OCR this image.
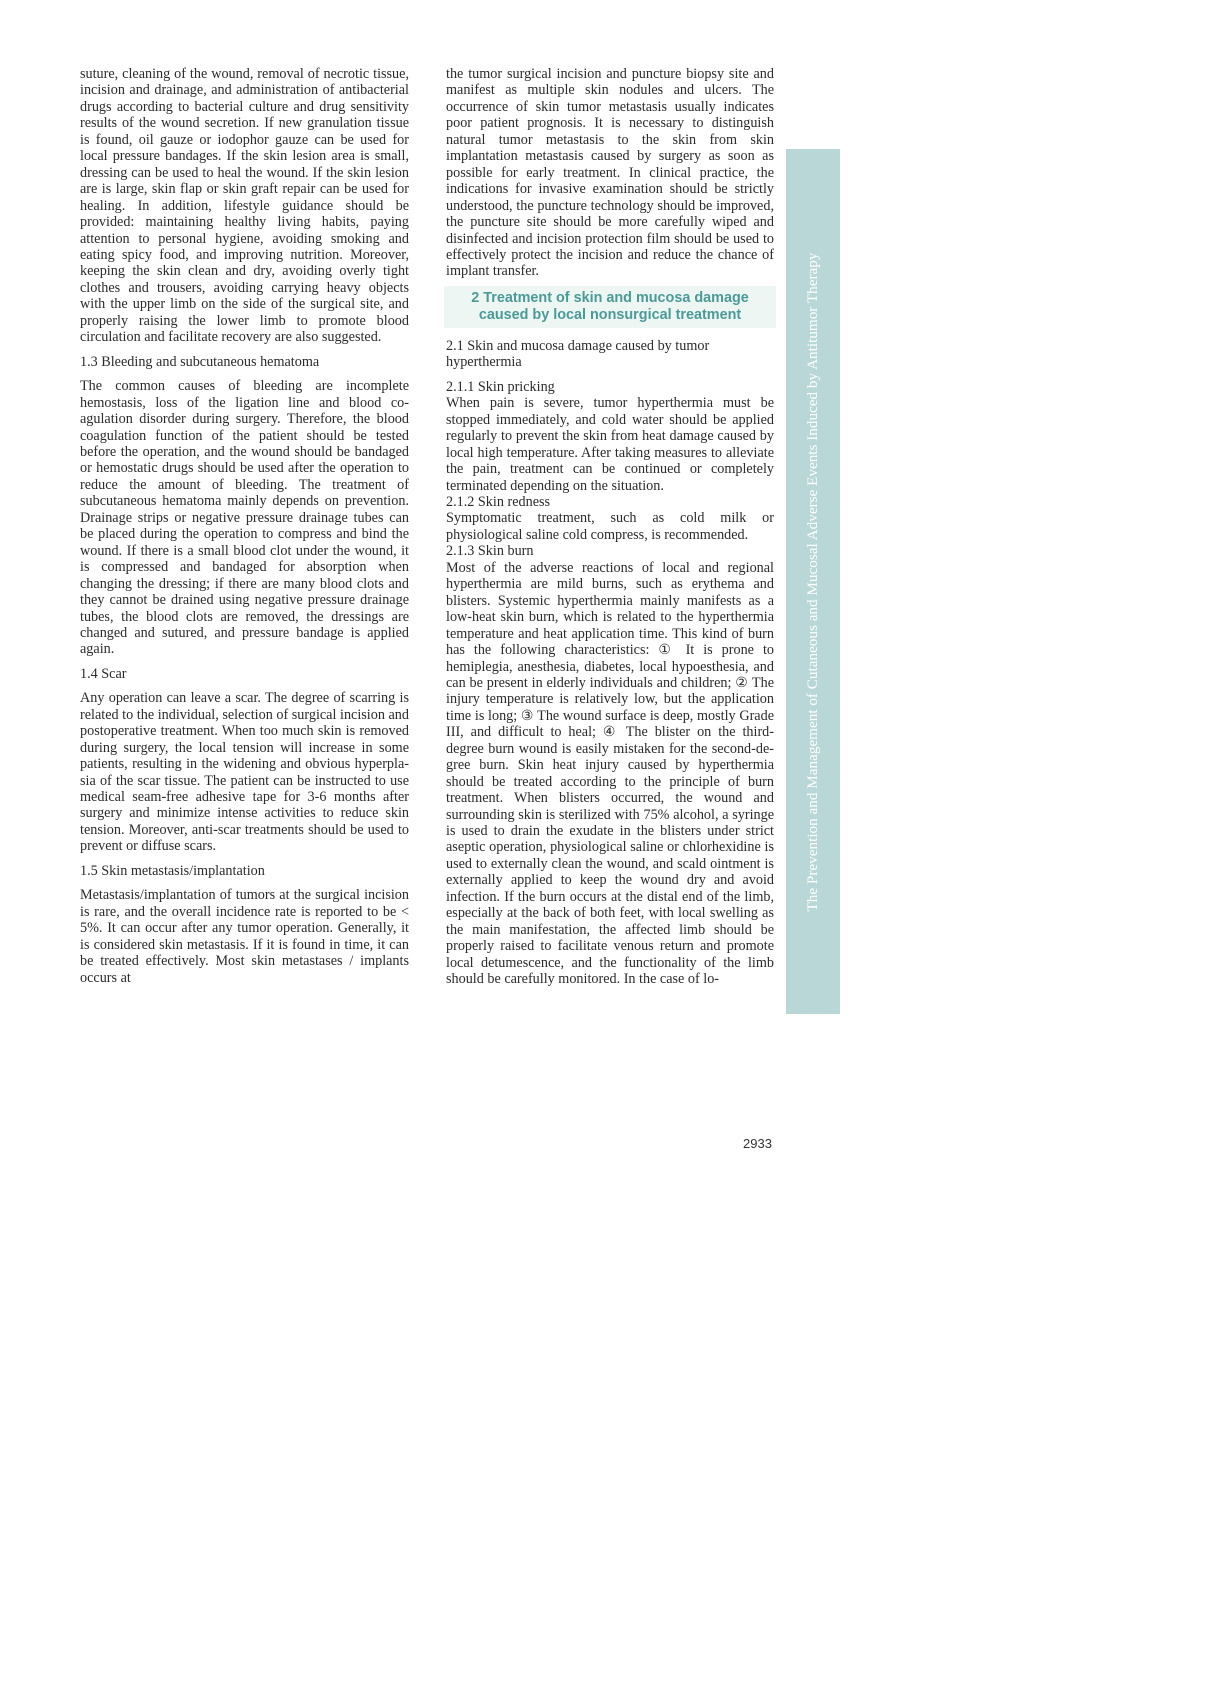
suture, cleaning of the wound, removal of necrotic tissue, incision and drainage, and administration of antibacterial drugs according to bacterial culture and drug sensitivity results of the wound secretion. If new granulation tissue is found, oil gauze or iodophor gauze can be used for local pressure bandages. If the skin lesion area is small, dressing can be used to heal the wound. If the skin lesion are is large, skin flap or skin graft repair can be used for healing. In addition, lifestyle guidance should be provided: maintaining healthy living habits, paying attention to personal hygiene, avoiding smoking and eating spicy food, and improving nutrition. Moreover, keeping the skin clean and dry, avoiding overly tight clothes and trousers, avoiding carrying heavy objects with the upper limb on the side of the surgical site, and properly raising the lower limb to promote blood circulation and facilitate recovery are also suggested.

1.3 Bleeding and subcutaneous hematoma

The common causes of bleeding are incomplete hemostasis, loss of the ligation line and blood coagulation disorder during surgery. Therefore, the blood coagulation function of the patient should be tested before the operation, and the wound should be bandaged or hemostatic drugs should be used after the operation to reduce the amount of bleeding. The treatment of subcutaneous hematoma mainly depends on prevention. Drainage strips or negative pressure drainage tubes can be placed during the operation to compress and bind the wound. If there is a small blood clot under the wound, it is compressed and bandaged for absorption when changing the dressing; if there are many blood clots and they cannot be drained using negative pressure drainage tubes, the blood clots are removed, the dressings are changed and sutured, and pressure bandage is applied again.

1.4 Scar

Any operation can leave a scar. The degree of scarring is related to the individual, selection of surgical incision and postoperative treatment. When too much skin is removed during surgery, the local tension will increase in some patients, resulting in the widening and obvious hyperplasia of the scar tissue. The patient can be instructed to use medical seam-free adhesive tape for 3-6 months after surgery and minimize intense activities to reduce skin tension. Moreover, anti-scar treatments should be used to prevent or diffuse scars.

1.5 Skin metastasis/implantation

Metastasis/implantation of tumors at the surgical incision is rare, and the overall incidence rate is reported to be < 5%. It can occur after any tumor operation. Generally, it is considered skin metastasis. If it is found in time, it can be treated effectively. Most skin metastases / implants occurs at

the tumor surgical incision and puncture biopsy site and manifest as multiple skin nodules and ulcers. The occurrence of skin tumor metastasis usually indicates poor patient prognosis. It is necessary to distinguish natural tumor metastasis to the skin from skin implantation metastasis caused by surgery as soon as possible for early treatment. In clinical practice, the indications for invasive examination should be strictly understood, the puncture technology should be improved, the puncture site should be more carefully wiped and disinfected and incision protection film should be used to effectively protect the incision and reduce the chance of implant transfer.

2 Treatment of skin and mucosa damage
caused by local nonsurgical treatment
2.1 Skin and mucosa damage caused by tumor hyperthermia
2.1.1 Skin pricking

When pain is severe, tumor hyperthermia must be stopped immediately, and cold water should be applied regularly to prevent the skin from heat damage caused by local high temperature. After taking measures to alleviate the pain, treatment can be continued or completely terminated depending on the situation.

2.1.2 Skin redness

Symptomatic treatment, such as cold milk or physiological saline cold compress, is recommended.

2.1.3 Skin burn

Most of the adverse reactions of local and regional hyperthermia are mild burns, such as erythema and blisters. Systemic hyperthermia mainly manifests as a low-heat skin burn, which is related to the hyperthermia temperature and heat application time. This kind of burn has the following characteristics: ① It is prone to hemiplegia, anesthesia, diabetes, local hypoesthesia, and can be present in elderly individuals and children; ② The injury temperature is relatively low, but the application time is long; ③ The wound surface is deep, mostly Grade III, and difficult to heal; ④ The blister on the third-degree burn wound is easily mistaken for the second-degree burn. Skin heat injury caused by hyperthermia should be treated according to the principle of burn treatment. When blisters occurred, the wound and surrounding skin is sterilized with 75% alcohol, a syringe is used to drain the exudate in the blisters under strict aseptic operation, physiological saline or chlorhexidine is used to externally clean the wound, and scald ointment is externally applied to keep the wound dry and avoid infection. If the burn occurs at the distal end of the limb, especially at the back of both feet, with local swelling as the main manifestation, the affected limb should be properly raised to facilitate venous return and promote local detumescence, and the functionality of the limb should be carefully monitored. In the case of lo-

The Prevention and Management of Cutaneous and Mucosal Adverse Events Induced by Antitumor Therapy
2933
